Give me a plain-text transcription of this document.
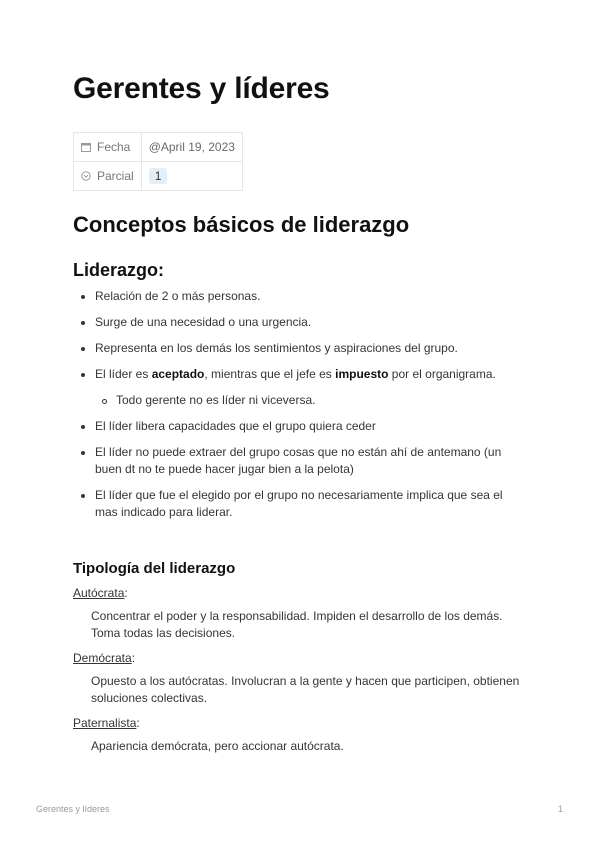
Gerentes y líderes
Fecha	@April 19, 2023
Parcial	1
Conceptos básicos de liderazgo
Liderazgo:
Relación de 2 o más personas.
Surge de una necesidad o una urgencia.
Representa en los demás los sentimientos y aspiraciones del grupo.
El líder es aceptado, mientras que el jefe es impuesto por el organigrama.
Todo gerente no es líder ni viceversa.
El líder libera capacidades que el grupo quiera ceder
El líder no puede extraer del grupo cosas que no están ahí de antemano (un buen dt no te puede hacer jugar bien a la pelota)
El líder que fue el elegido por el grupo no necesariamente implica que sea el mas indicado para liderar.
Tipología del liderazgo
Autócrata:
Concentrar el poder y la responsabilidad. Impiden el desarrollo de los demás. Toma todas las decisiones.
Demócrata:
Opuesto a los autócratas. Involucran a la gente y hacen que participen, obtienen soluciones colectivas.
Paternalista:
Apariencia demócrata, pero accionar autócrata.
Gerentes y líderes	1
